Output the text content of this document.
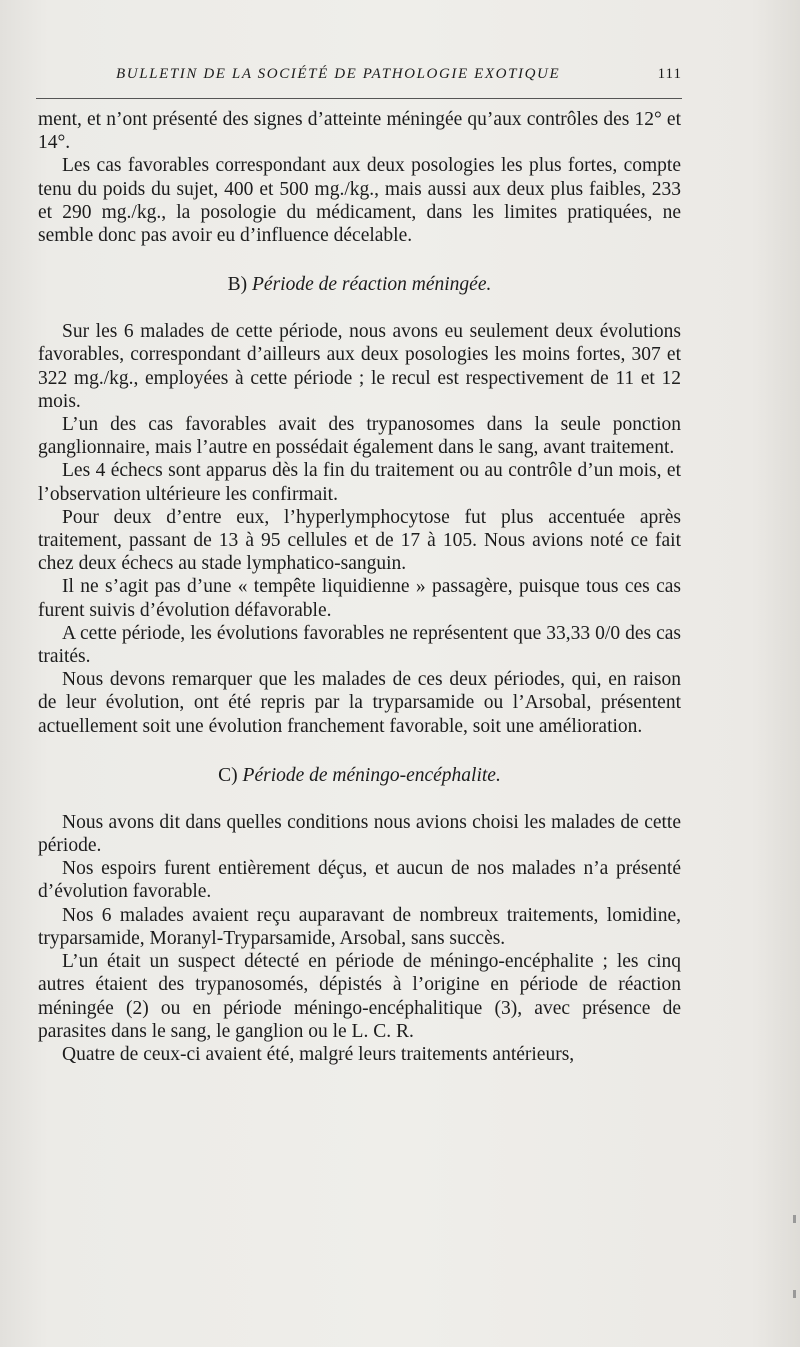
BULLETIN DE LA SOCIÉTÉ DE PATHOLOGIE EXOTIQUE	111

ment, et n’ont présenté des signes d’atteinte méningée qu’aux contrôles des 12° et 14°.

Les cas favorables correspondant aux deux posologies les plus fortes, compte tenu du poids du sujet, 400 et 500 mg./kg., mais aussi aux deux plus faibles, 233 et 290 mg./kg., la posologie du médicament, dans les limites pratiquées, ne semble donc pas avoir eu d’influence décelable.

B) Période de réaction méningée.

Sur les 6 malades de cette période, nous avons eu seulement deux évolutions favorables, correspondant d’ailleurs aux deux posologies les moins fortes, 307 et 322 mg./kg., employées à cette période ; le recul est respectivement de 11 et 12 mois.

L’un des cas favorables avait des trypanosomes dans la seule ponction ganglionnaire, mais l’autre en possédait également dans le sang, avant traitement.

Les 4 échecs sont apparus dès la fin du traitement ou au contrôle d’un mois, et l’observation ultérieure les confirmait.

Pour deux d’entre eux, l’hyperlymphocytose fut plus accentuée après traitement, passant de 13 à 95 cellules et de 17 à 105. Nous avions noté ce fait chez deux échecs au stade lymphatico-sanguin.

Il ne s’agit pas d’une « tempête liquidienne » passagère, puisque tous ces cas furent suivis d’évolution défavorable.

A cette période, les évolutions favorables ne représentent que 33,33 0/0 des cas traités.

Nous devons remarquer que les malades de ces deux périodes, qui, en raison de leur évolution, ont été repris par la tryparsamide ou l’Arsobal, présentent actuellement soit une évolution franchement favorable, soit une amélioration.

C) Période de méningo-encéphalite.

Nous avons dit dans quelles conditions nous avions choisi les malades de cette période.

Nos espoirs furent entièrement déçus, et aucun de nos malades n’a présenté d’évolution favorable.

Nos 6 malades avaient reçu auparavant de nombreux traitements, lomidine, tryparsamide, Moranyl-Tryparsamide, Arsobal, sans succès.

L’un était un suspect détecté en période de méningo-encéphalite ; les cinq autres étaient des trypanosomés, dépistés à l’origine en période de réaction méningée (2) ou en période méningo-encéphalitique (3), avec présence de parasites dans le sang, le ganglion ou le L. C. R.

Quatre de ceux-ci avaient été, malgré leurs traitements antérieurs,
